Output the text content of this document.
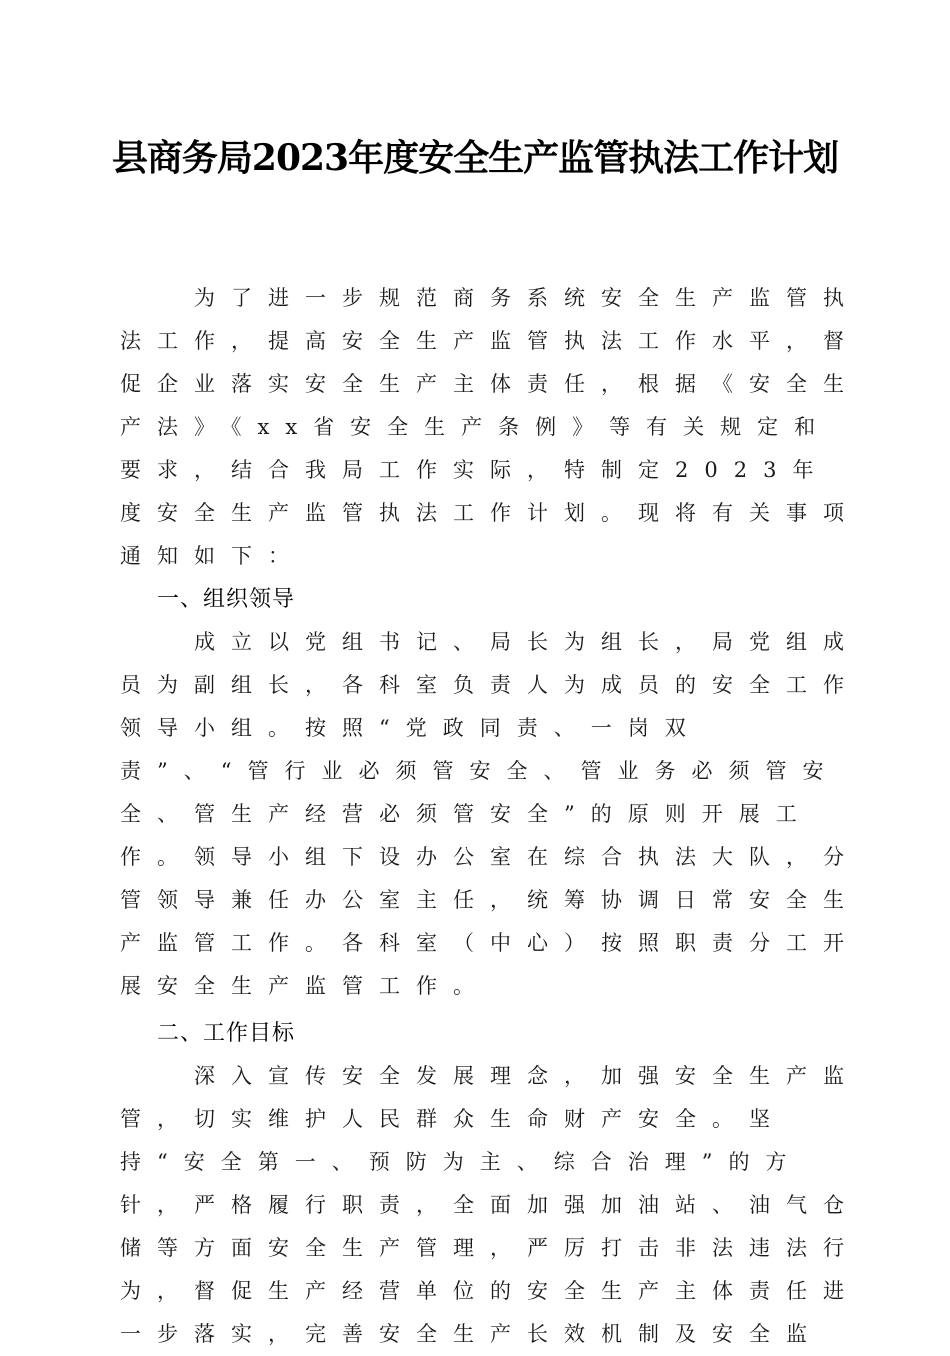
县商务局2023年度安全生产监管执法工作计划

为了进一步规范商务系统安全生产监管执法工作，提高安全生产监管执法工作水平，督促企业落实安全生产主体责任，根据《安全生产法》《xx省安全生产条例》等有关规定和要求，结合我局工作实际，特制定2023年度安全生产监管执法工作计划。现将有关事项通知如下：

一、组织领导

成立以党组书记、局长为组长，局党组成员为副组长，各科室负责人为成员的安全工作领导小组。按照“党政同责、一岗双责”、“管行业必须管安全、管业务必须管安全、管生产经营必须管安全”的原则开展工作。领导小组下设办公室在综合执法大队，分管领导兼任办公室主任，统筹协调日常安全生产监管工作。各科室（中心）按照职责分工开展安全生产监管工作。

二、工作目标

深入宣传安全发展理念，加强安全生产监管，切实维护人民群众生命财产安全。坚持“安全第一、预防为主、综合治理”的方针，严格履行职责，全面加强加油站、油气仓储等方面安全生产管理，严厉打击非法违法行为，督促生产经营单位的安全生产主体责任进一步落实，完善安全生产长效机制及安全监
